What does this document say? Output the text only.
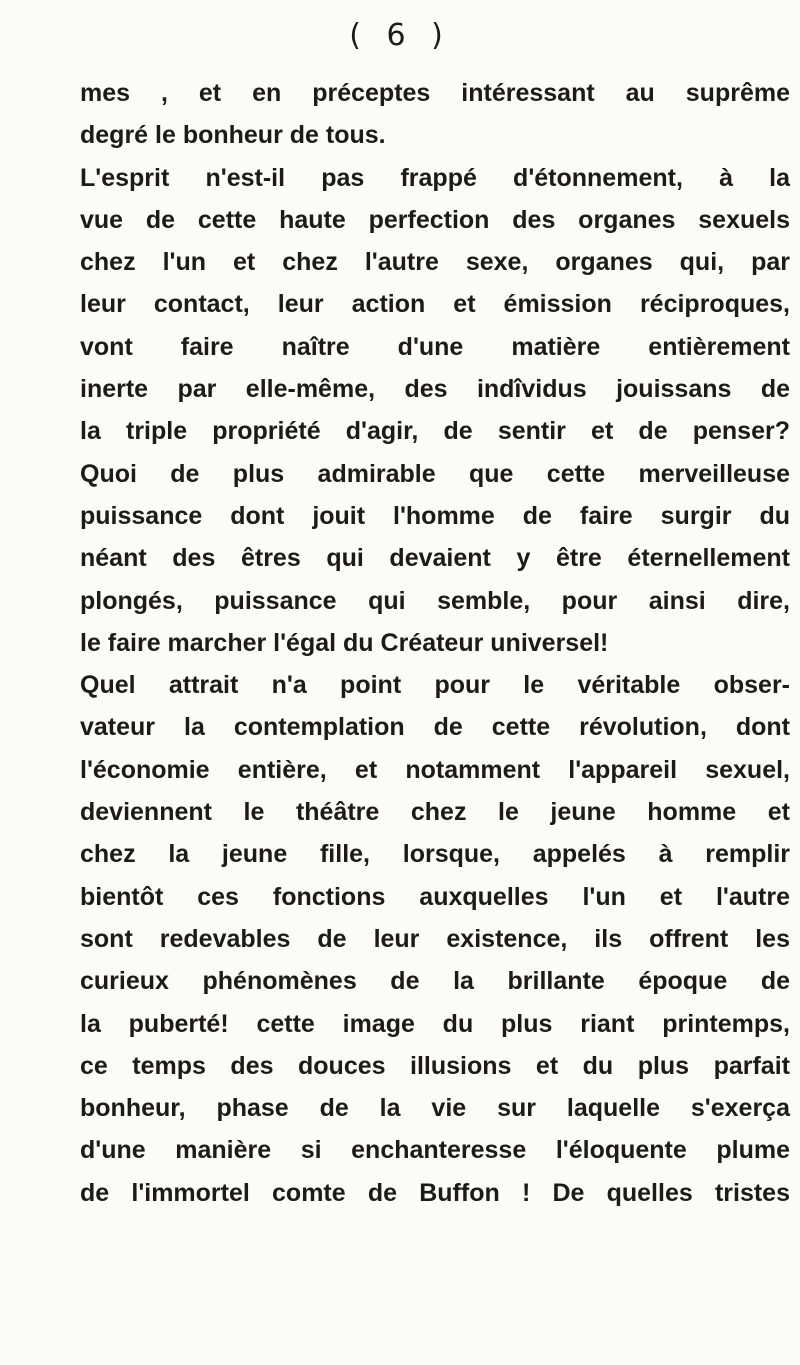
( 6 )
mes , et en préceptes intéressant au suprême
degré le bonheur de tous.
L'esprit n'est-il pas frappé d'étonnement, à la
vue de cette haute perfection des organes sexuels
chez l'un et chez l'autre sexe, organes qui, par
leur contact, leur action et émission réciproques,
vont faire naître d'une matière entièrement
inerte par elle-même, des indîvidus jouissans de
la triple propriété d'agir, de sentir et de penser?
Quoi de plus admirable que cette merveilleuse
puissance dont jouit l'homme de faire surgir du
néant des êtres qui devaient y être éternellement
plongés, puissance qui semble, pour ainsi dire,
le faire marcher l'égal du Créateur universel!
Quel attrait n'a point pour le véritable obser-
vateur la contemplation de cette révolution, dont
l'économie entière, et notamment l'appareil sexuel,
deviennent le théâtre chez le jeune homme et
chez la jeune fille, lorsque, appelés à remplir
bientôt ces fonctions auxquelles l'un et l'autre
sont redevables de leur existence, ils offrent les
curieux phénomènes de la brillante époque de
la puberté! cette image du plus riant printemps,
ce temps des douces illusions et du plus parfait
bonheur, phase de la vie sur laquelle s'exerça
d'une manière si enchanteresse l'éloquente plume
de l'immortel comte de Buffon ! De quelles tristes
